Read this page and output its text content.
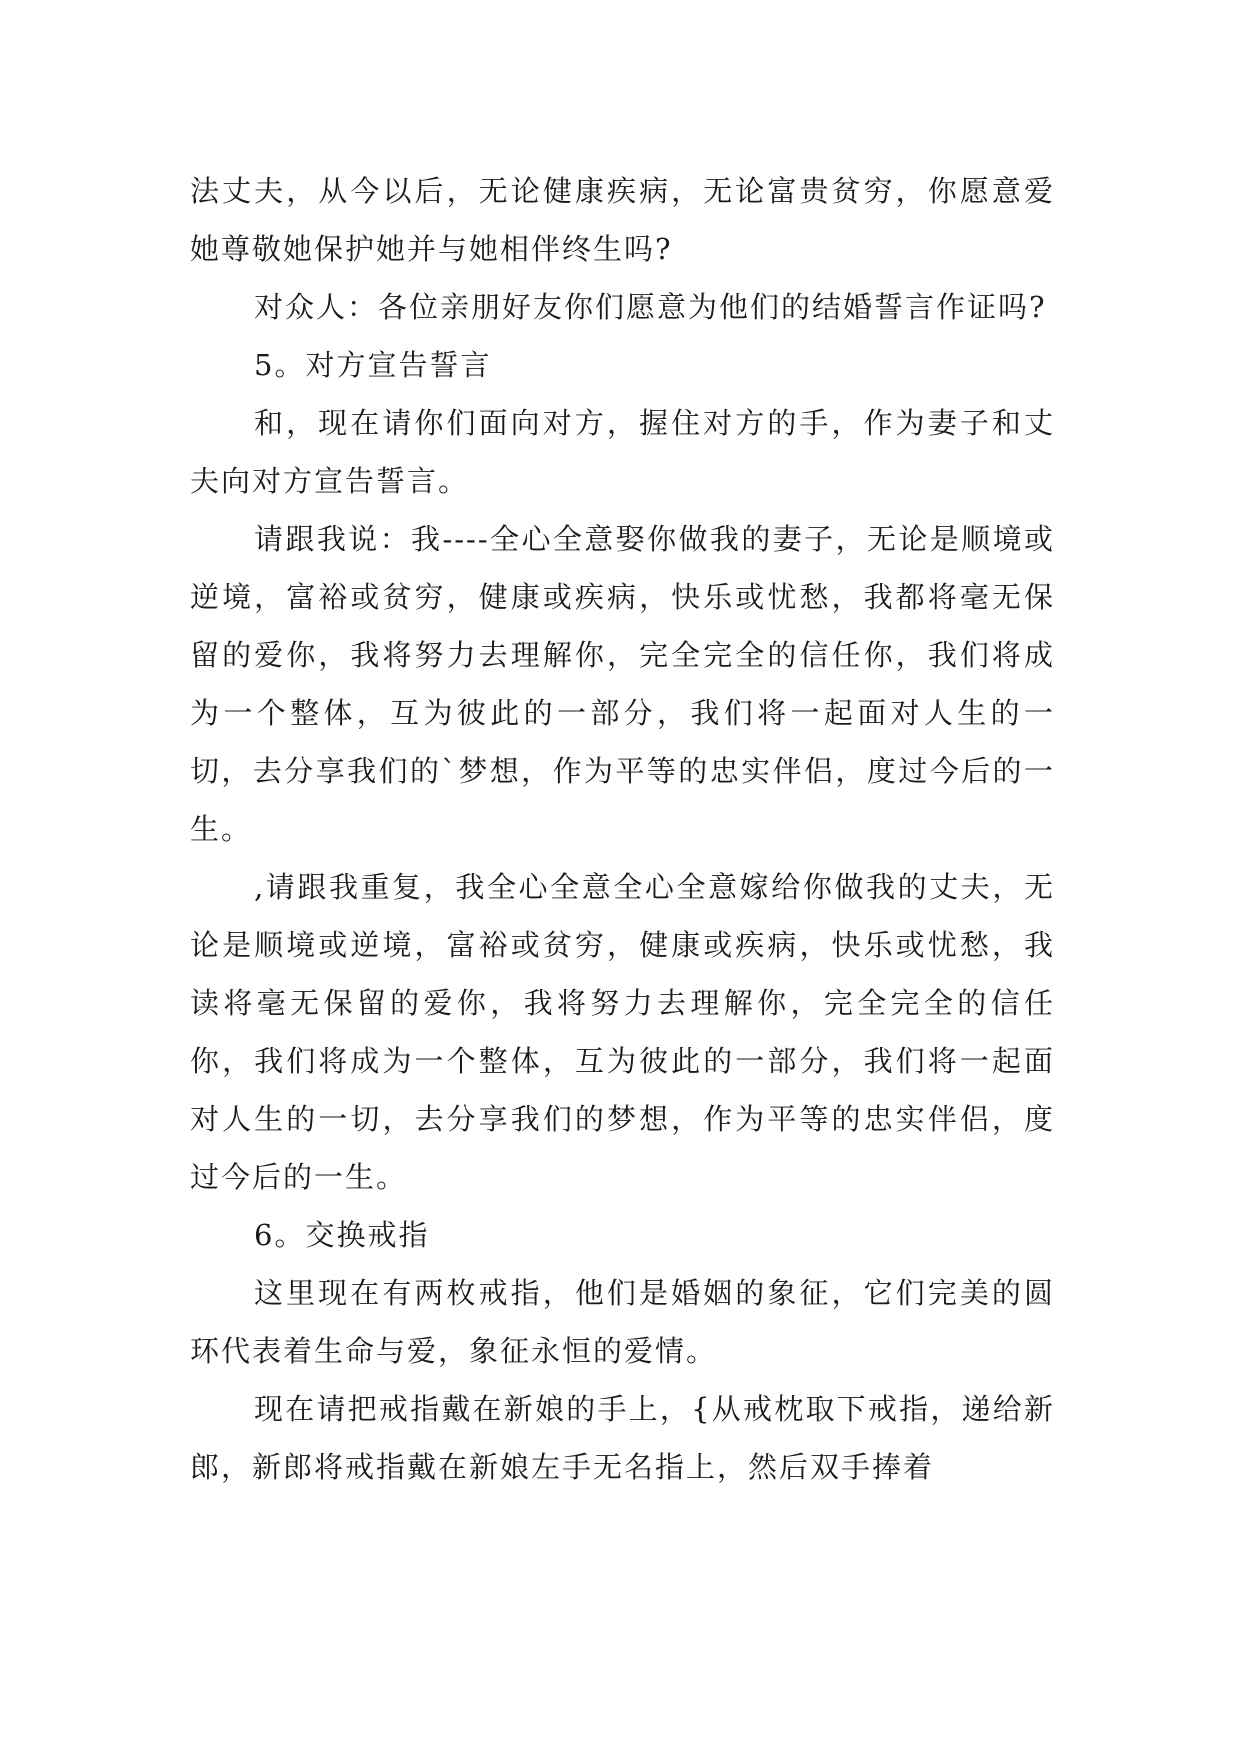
法丈夫，从今以后，无论健康疾病，无论富贵贫穷，你愿意爱她尊敬她保护她并与她相伴终生吗?

对众人：各位亲朋好友你们愿意为他们的结婚誓言作证吗?

5。对方宣告誓言

和，现在请你们面向对方，握住对方的手，作为妻子和丈夫向对方宣告誓言。

请跟我说：我----全心全意娶你做我的妻子，无论是顺境或逆境，富裕或贫穷，健康或疾病，快乐或忧愁，我都将毫无保留的爱你，我将努力去理解你，完全完全的信任你，我们将成为一个整体，互为彼此的一部分，我们将一起面对人生的一切，去分享我们的`梦想，作为平等的忠实伴侣，度过今后的一生。

,请跟我重复，我全心全意全心全意嫁给你做我的丈夫，无论是顺境或逆境，富裕或贫穷，健康或疾病，快乐或忧愁，我读将毫无保留的爱你，我将努力去理解你，完全完全的信任你，我们将成为一个整体，互为彼此的一部分，我们将一起面对人生的一切，去分享我们的梦想，作为平等的忠实伴侣，度过今后的一生。

6。交换戒指

这里现在有两枚戒指，他们是婚姻的象征，它们完美的圆环代表着生命与爱，象征永恒的爱情。

现在请把戒指戴在新娘的手上，{从戒枕取下戒指，递给新郎，新郎将戒指戴在新娘左手无名指上，然后双手捧着
